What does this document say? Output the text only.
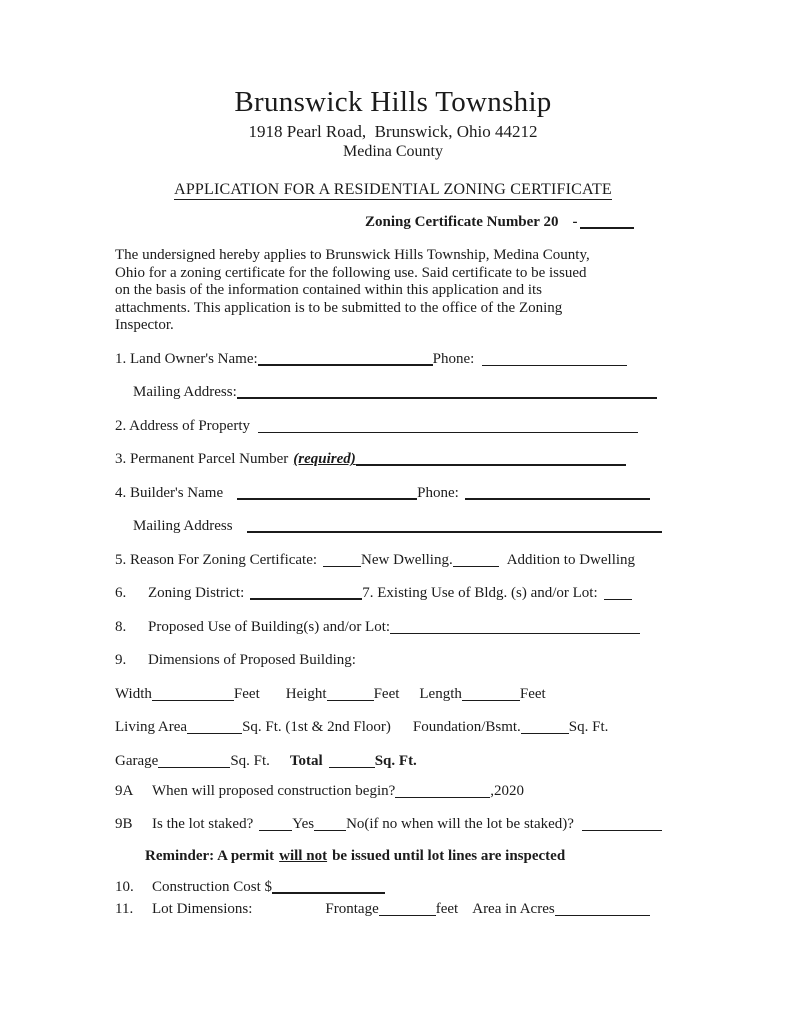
Brunswick Hills Township
1918 Pearl Road,  Brunswick, Ohio 44212
Medina County
APPLICATION FOR A RESIDENTIAL ZONING CERTIFICATE
Zoning Certificate Number 20 -
The undersigned hereby applies to Brunswick Hills Township, Medina County,
Ohio for a zoning certificate for the following use. Said certificate to be issued
on the basis of the information contained within this application and its
attachments. This application is to be submitted to the office of the Zoning
Inspector.
1. Land Owner's Name:	Phone:
Mailing Address:
2. Address of Property
3. Permanent Parcel Number (required)
4. Builder's Name	Phone:
Mailing Address
5. Reason For Zoning Certificate:	New Dwelling.	Addition to Dwelling
6. Zoning District:	7. Existing Use of Bldg. (s) and/or Lot:
8. Proposed Use of Building(s) and/or Lot:
9. Dimensions of Proposed Building:
Width	Feet Height	Feet Length	Feet
Living Area	Sq. Ft. (1st & 2nd Floor) Foundation/Bsmt.	Sq. Ft.
Garage	Sq. Ft. Total	Sq. Ft.
9A When will proposed construction begin?	,2020
9B Is the lot staked?	Yes No(if no when will the lot be staked)?
Reminder: A permit will not be issued until lot lines are inspected
10. Construction Cost $
11. Lot Dimensions:	Frontage	feet Area in Acres
